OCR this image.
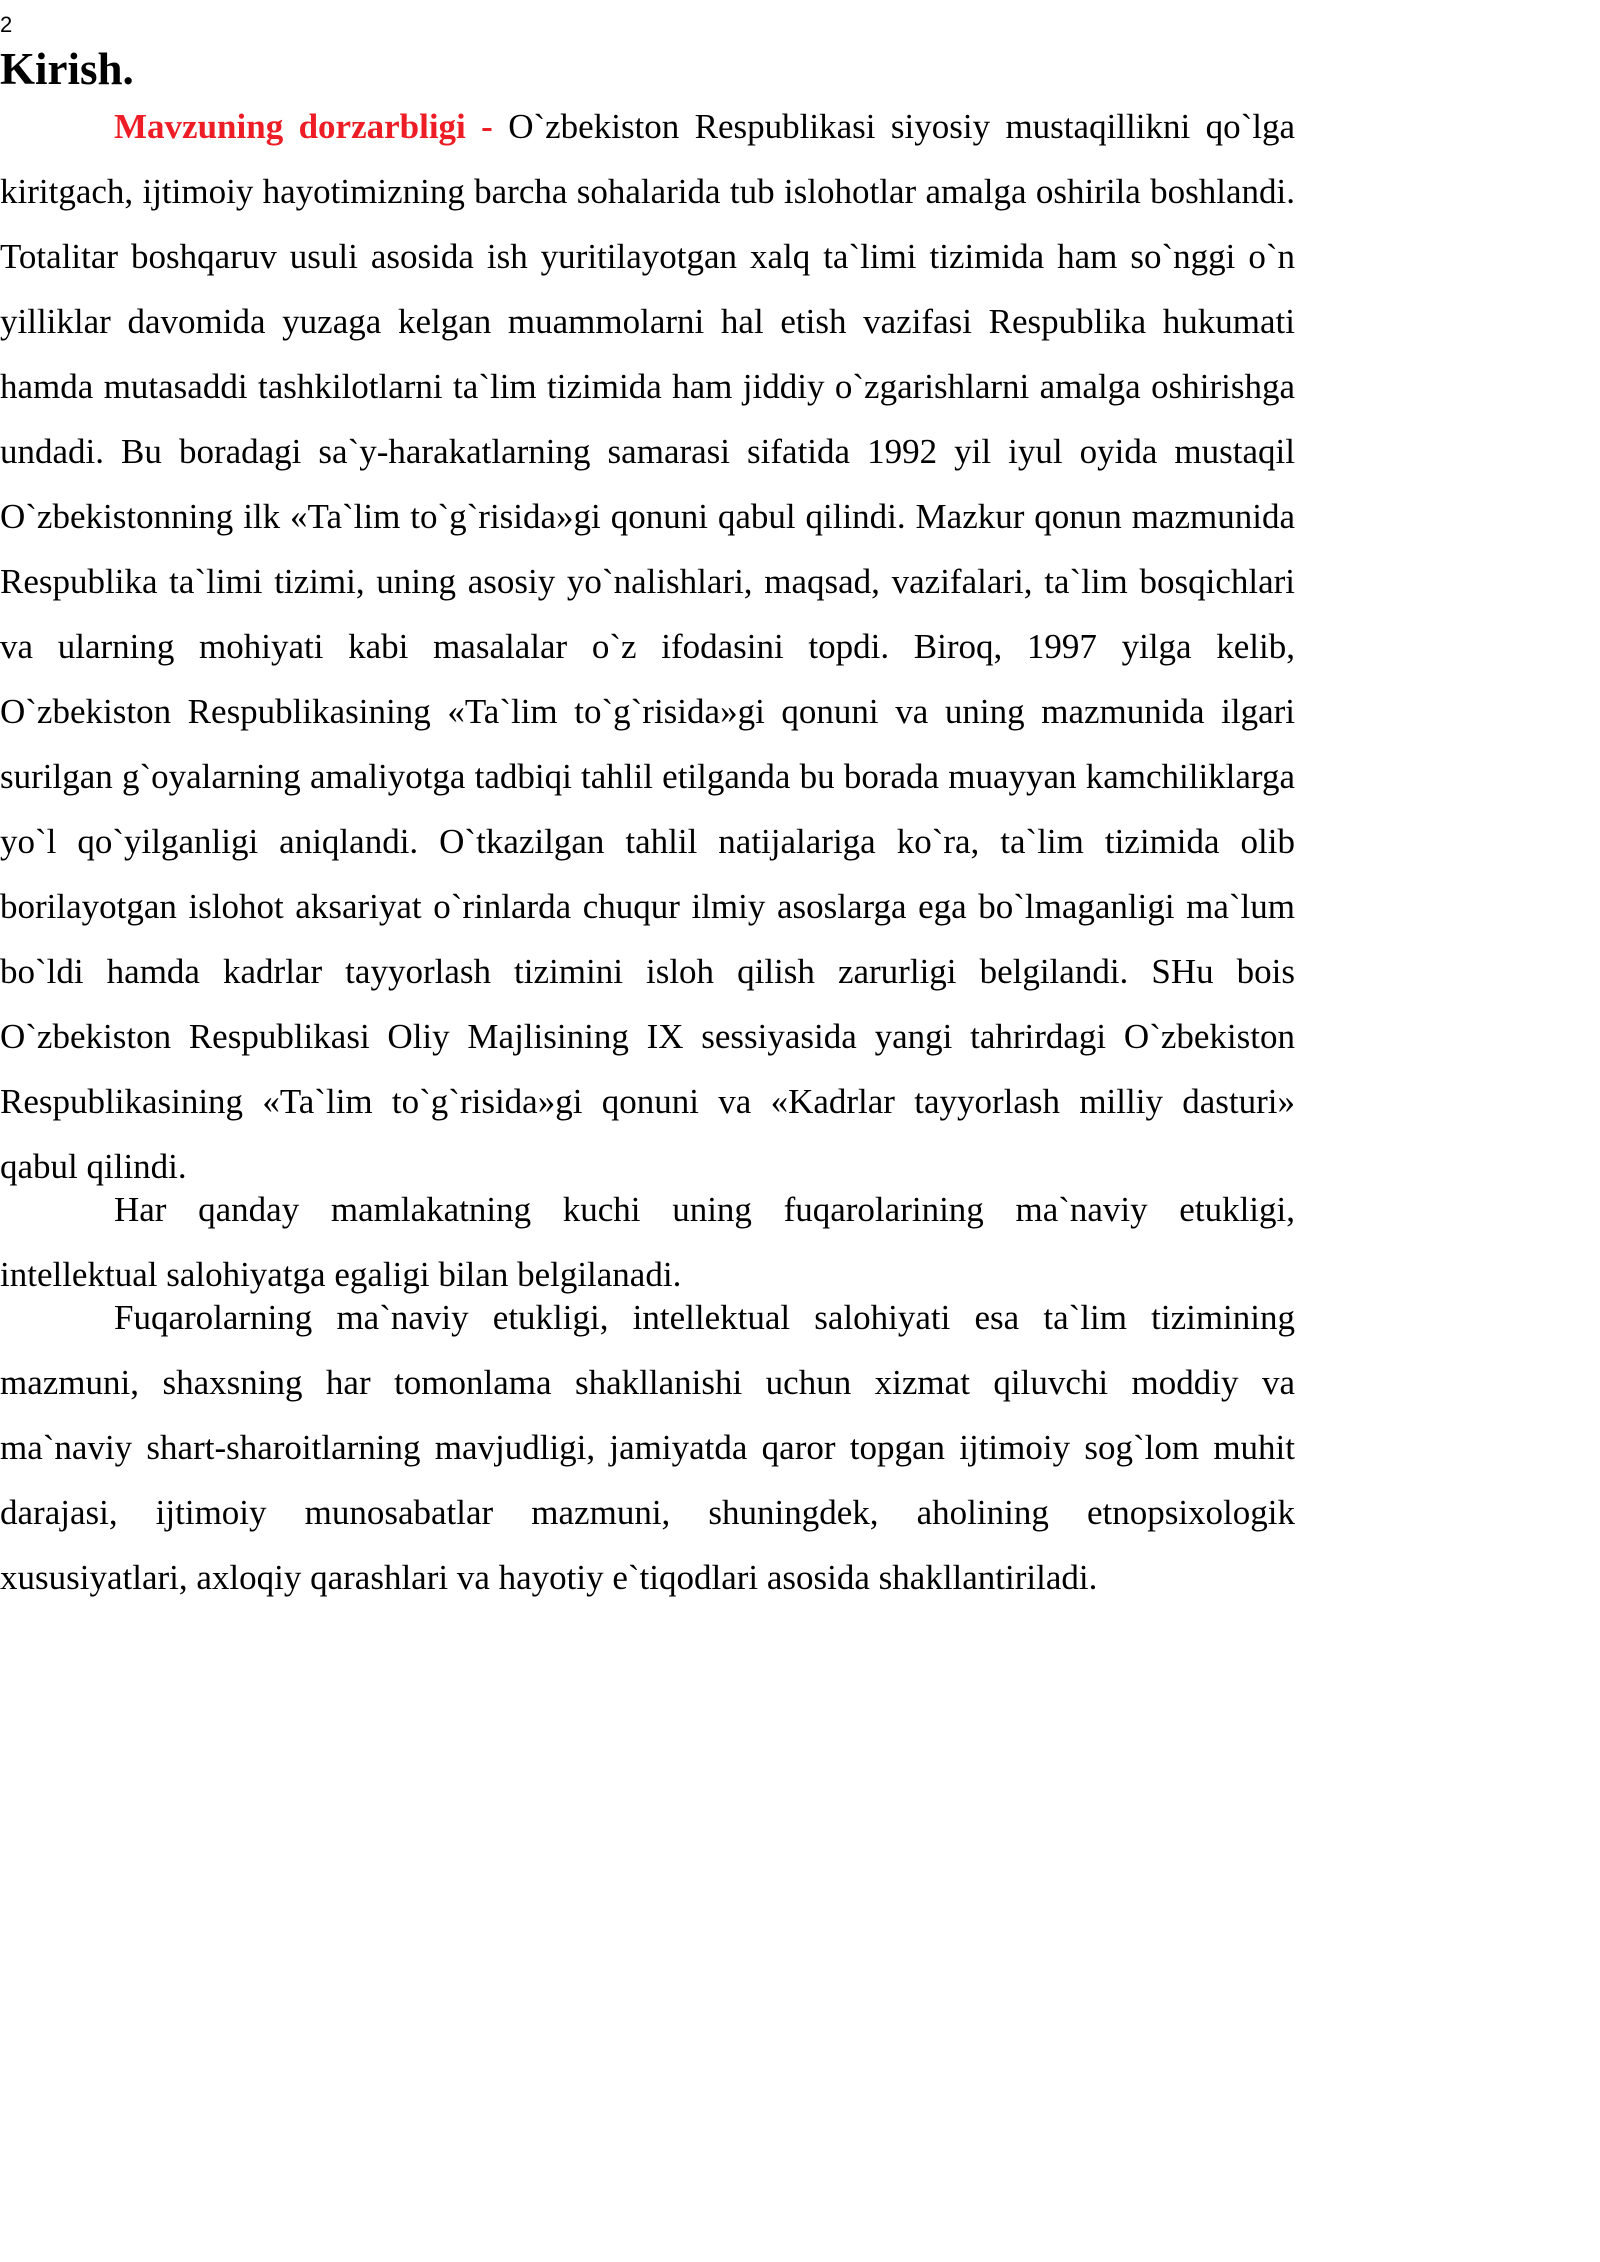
2
Kirish.

Mavzuning dorzarbligi - O`zbekiston Respublikasi siyosiy mustaqillikni qo`lga kiritgach, ijtimoiy hayotimizning barcha sohalarida tub islohotlar amalga oshirila boshlandi. Totalitar boshqaruv usuli asosida ish yuritilayotgan xalq ta`limi tizimida ham so`nggi o`n yilliklar davomida yuzaga kelgan muammolarni hal etish vazifasi Respublika hukumati hamda mutasaddi tashkilotlarni ta`lim tizimida ham jiddiy o`zgarishlarni amalga oshirishga undadi. Bu boradagi sa`y-harakatlarning samarasi sifatida 1992 yil iyul oyida mustaqil O`zbekistonning ilk «Ta`lim to`g`risida»gi qonuni qabul qilindi. Mazkur qonun mazmunida Respublika ta`limi tizimi, uning asosiy yo`nalishlari, maqsad, vazifalari, ta`lim bosqichlari va ularning mohiyati kabi masalalar o`z ifodasini topdi. Biroq, 1997 yilga kelib, O`zbekiston Respublikasining «Ta`lim to`g`risida»gi qonuni va uning mazmunida ilgari surilgan g`oyalarning amaliyotga tadbiqi tahlil etilganda bu borada muayyan kamchiliklarga yo`l qo`yilganligi aniqlandi. O`tkazilgan tahlil natijalariga ko`ra, ta`lim tizimida olib borilayotgan islohot aksariyat o`rinlarda chuqur ilmiy asoslarga ega bo`lmaganligi ma`lum bo`ldi hamda kadrlar tayyorlash tizimini isloh qilish zarurligi belgilandi. SHu bois O`zbekiston Respublikasi Oliy Majlisining IX sessiyasida yangi tahrirdagi O`zbekiston Respublikasining «Ta`lim to`g`risida»gi qonuni va «Kadrlar tayyorlash milliy dasturi» qabul qilindi.

Har qanday mamlakatning kuchi uning fuqarolarining ma`naviy etukligi, intellektual salohiyatga egaligi bilan belgilanadi.

Fuqarolarning ma`naviy etukligi, intellektual salohiyati esa ta`lim tizimining mazmuni, shaxsning har tomonlama shakllanishi uchun xizmat qiluvchi moddiy va ma`naviy shart-sharoitlarning mavjudligi, jamiyatda qaror topgan ijtimoiy sog`lom muhit darajasi, ijtimoiy munosabatlar mazmuni, shuningdek, aholining etnopsixologik xususiyatlari, axloqiy qarashlari va hayotiy e`tiqodlari asosida shakllantiriladi.
